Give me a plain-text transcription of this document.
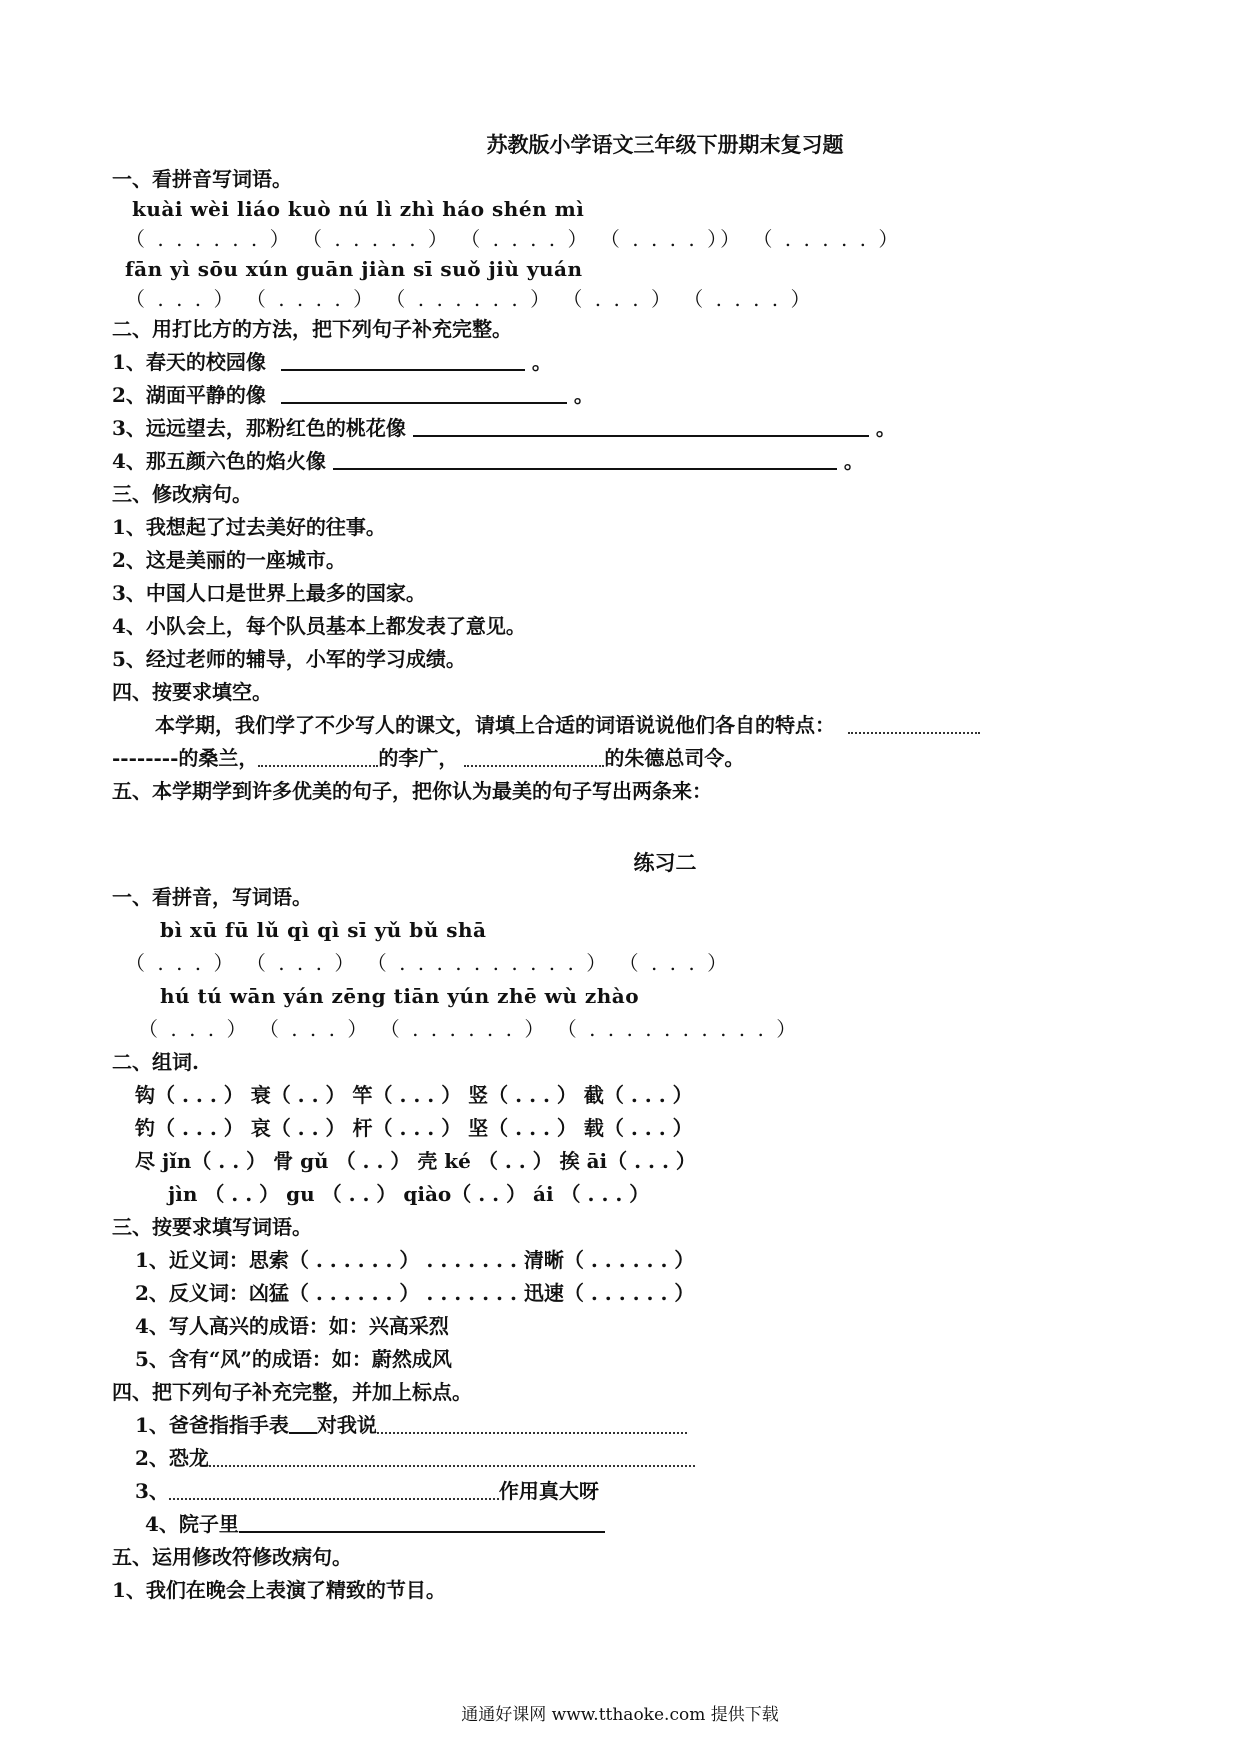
苏教版小学语文三年级下册期末复习题
一、看拼音写词语。
kuài wèi liáo kuò nú lì zhì háo shén mì
（ . . . . . . ） （ . . . . . ） （ . . . . ） （ . . . . ）） （ . . . . . ）
fān yì sōu xún guān jiàn sī suǒ jiù yuán
（ . . . ） （ . . . . ） （ . . . . . . ） （ . . . ） （ . . . . ）
二、用打比方的方法，把下列句子补充完整。
1、春天的校园像	。
2、湖面平静的像	。
3、远远望去，那粉红色的桃花像	。
4、那五颜六色的焰火像	。
三、修改病句。
1、我想起了过去美好的往事。
2、这是美丽的一座城市。
3、中国人口是世界上最多的国家。
4、小队会上，每个队员基本上都发表了意见。
5、经过老师的辅导，小军的学习成绩。
四、按要求填空。
本学期，我们学了不少写人的课文，请填上合适的词语说说他们各自的特点：
--------的桑兰，	的李广，	的朱德总司令。
五、本学期学到许多优美的句子，把你认为最美的句子写出两条来：
练习二
一、看拼音，写词语。
bì xū fū lǔ qì qì sī yǔ bǔ shā
（ . . . ） （ . . . ） （ . . . . . . . . . . ） （ . . . ）
hú tú wān yán zēng tiān yún zhē wù zhào
（ . . . ） （ . . . ） （ . . . . . . ） （ . . . . . . . . . . ）
二、组词.
钩（ . . . ） 衰（ . . ） 竿（ . . . ） 竖（ . . . ） 截（ . . . ）
钓（ . . . ） 哀（ . . ） 杆（ . . . ） 坚（ . . . ） 载（ . . . ）
尽 jǐn（ . . ） 骨 gǔ （ . . ） 壳 ké （ . . ） 挨 āi（ . . . ）
jìn （ . . ） gu （ . . ） qiào（ . . ） ái （ . . . ）
三、按要求填写词语。
1、近义词：思索（ . . . . . . ） . . . . . . . 清晰（ . . . . . . ）
2、反义词：凶猛（ . . . . . . ） . . . . . . . 迅速（ . . . . . . ）
4、写人高兴的成语：如：兴高采烈
5、含有“风”的成语：如：蔚然成风
四、把下列句子补充完整，并加上标点。
1、爸爸指指手表 对我说
2、恐龙
3、	作用真大呀
4、院子里
五、运用修改符修改病句。
1、我们在晚会上表演了精致的节目。
通通好课网 www.tthaoke.com 提供下载
